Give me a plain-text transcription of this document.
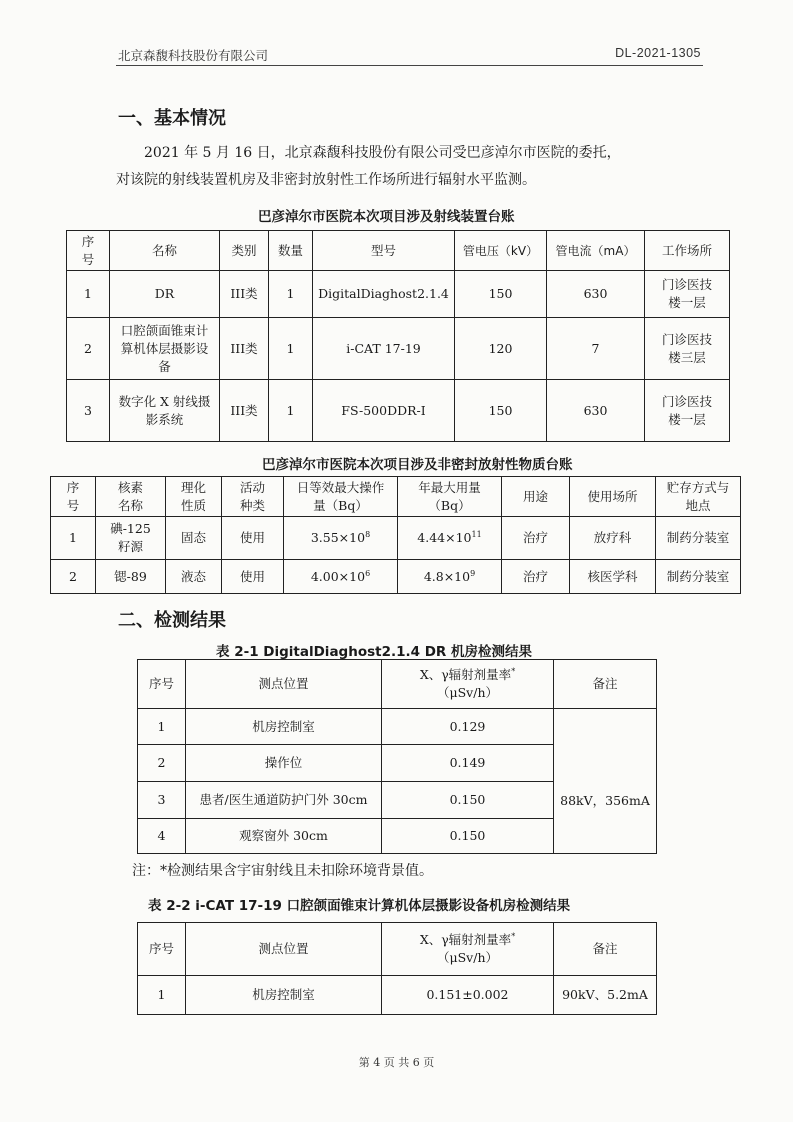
北京森馥科技股份有限公司	DL-2021-1305
一、基本情况
2021 年 5 月 16 日，北京森馥科技股份有限公司受巴彦淖尔市医院的委托，
对该院的射线装置机房及非密封放射性工作场所进行辐射水平监测。
巴彦淖尔市医院本次项目涉及射线装置台账
序号	名称	类别	数量	型号	管电压（kV）	管电流（mA）	工作场所
1	DR	III类	1	DigitalDiaghost2.1.4	150	630	门诊医技楼一层
2	口腔颌面锥束计算机体层摄影设备	III类	1	i-CAT 17-19	120	7	门诊医技楼三层
3	数字化 X 射线摄影系统	III类	1	FS-500DDR-I	150	630	门诊医技楼一层
巴彦淖尔市医院本次项目涉及非密封放射性物质台账
序号	核素名称	理化性质	活动种类	日等效最大操作量（Bq）	年最大用量（Bq）	用途	使用场所	贮存方式与地点
1	碘-125 籽源	固态	使用	$3.55\times 10^8$	$4.44\times 10^{11}$	治疗	放疗科	制药分装室
2	锶-89	液态	使用	$4.00\times 10^6$	$4.8\times 10^9$	治疗	核医学科	制药分装室
二、检测结果
表 2-1 DigitalDiaghost2.1.4 DR 机房检测结果
序号	测点位置	X、γ辐射剂量率*
（μSv/h）	备注
1	机房控制室	0.129	88kV，356mA
2	操作位	0.149	
3	患者/医生通道防护门外 30cm	0.150	
4	观察窗外 30cm	0.150	
注：*检测结果含宇宙射线且未扣除环境背景值。
表 2-2 i-CAT 17-19 口腔颌面锥束计算机体层摄影设备机房检测结果
序号	测点位置	X、γ辐射剂量率*
（μSv/h）	备注
1	机房控制室	0.151±0.002	90kV、5.2mA
第 4 页 共 6 页
